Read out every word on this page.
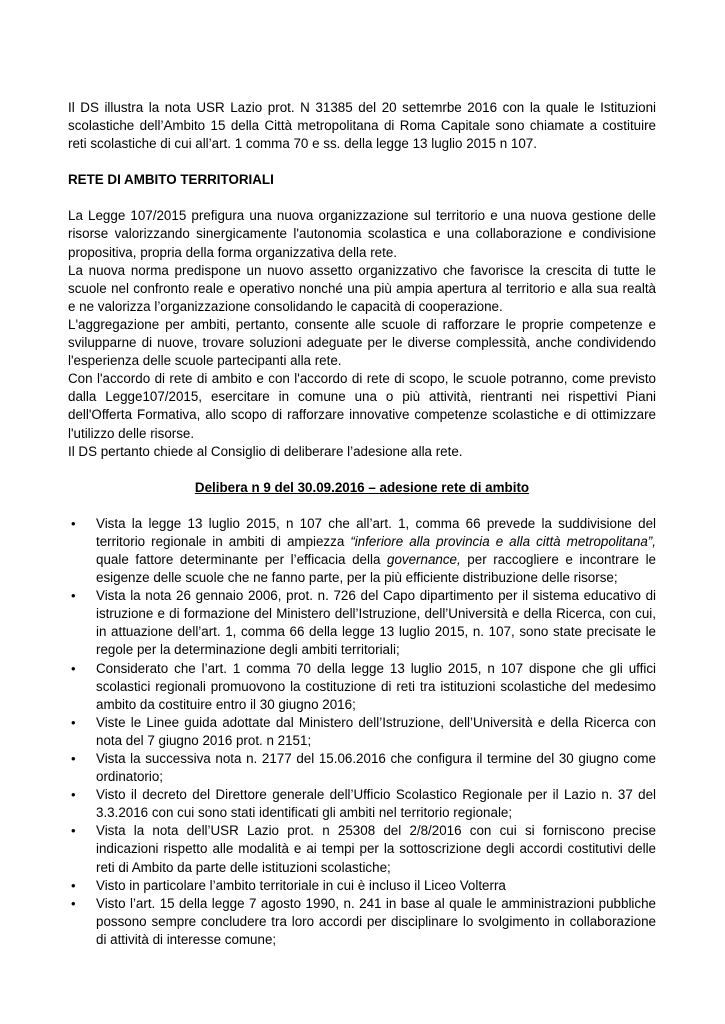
Il DS illustra la nota USR Lazio prot. N 31385 del 20 settemrbe 2016 con la quale le Istituzioni scolastiche dell’Ambito 15 della Città metropolitana di Roma Capitale sono chiamate a costituire reti scolastiche di cui all’art. 1 comma 70 e ss. della legge 13 luglio 2015 n 107.

RETE DI AMBITO TERRITORIALI

La Legge 107/2015 prefigura una nuova organizzazione sul territorio e una nuova gestione delle risorse valorizzando sinergicamente l'autonomia scolastica e una collaborazione e condivisione propositiva, propria della forma organizzativa della rete.

La nuova norma predispone un nuovo assetto organizzativo che favorisce la crescita di tutte le scuole nel confronto reale e operativo nonché una più ampia apertura al territorio e alla sua realtà e ne valorizza l’organizzazione consolidando le capacità di cooperazione.

L'aggregazione per ambiti, pertanto, consente alle scuole di rafforzare le proprie competenze e svilupparne di nuove, trovare soluzioni adeguate per le diverse complessità, anche condividendo l'esperienza delle scuole partecipanti alla rete.

Con l'accordo di rete di ambito e con l'accordo di rete di scopo, le scuole potranno, come previsto dalla Legge107/2015, esercitare in comune una o più attività, rientranti nei rispettivi Piani dell'Offerta Formativa, allo scopo di rafforzare innovative competenze scolastiche e di ottimizzare l'utilizzo delle risorse.

Il DS pertanto chiede al Consiglio di deliberare l’adesione alla rete.

Delibera n 9 del 30.09.2016 – adesione rete di ambito

• Vista la legge 13 luglio 2015, n 107 che all’art. 1, comma 66 prevede la suddivisione del territorio regionale in ambiti di ampiezza “inferiore alla provincia e alla città metropolitana”, quale fattore determinante per l’efficacia della governance, per raccogliere e incontrare le esigenze delle scuole che ne fanno parte, per la più efficiente distribuzione delle risorse;
• Vista la nota 26 gennaio 2006, prot. n. 726 del Capo dipartimento per il sistema educativo di istruzione e di formazione del Ministero dell’Istruzione, dell’Università e della Ricerca, con cui, in attuazione dell’art. 1, comma 66 della legge 13 luglio 2015, n. 107, sono state precisate le regole per la determinazione degli ambiti territoriali;
• Considerato che l’art. 1 comma 70 della legge 13 luglio 2015, n 107 dispone che gli uffici scolastici regionali promuovono la costituzione di reti tra istituzioni scolastiche del medesimo ambito da costituire entro il 30 giugno 2016;
• Viste le Linee guida adottate dal Ministero dell’Istruzione, dell’Università e della Ricerca con nota del 7 giugno 2016 prot. n 2151;
• Vista la successiva nota n. 2177 del 15.06.2016 che configura il termine del 30 giugno come ordinatorio;
• Visto il decreto del Direttore generale dell’Ufficio Scolastico Regionale per il Lazio n. 37 del 3.3.2016 con cui sono stati identificati gli ambiti nel territorio regionale;
• Vista la nota dell’USR Lazio prot. n 25308 del 2/8/2016 con cui si forniscono precise indicazioni rispetto alle modalità e ai tempi per la sottoscrizione degli accordi costitutivi delle reti di Ambito da parte delle istituzioni scolastiche;
• Visto in particolare l’ambito territoriale in cui è incluso il Liceo Volterra
• Visto l’art. 15 della legge 7 agosto 1990, n. 241 in base al quale le amministrazioni pubbliche possono sempre concludere tra loro accordi per disciplinare lo svolgimento in collaborazione di attività di interesse comune;
